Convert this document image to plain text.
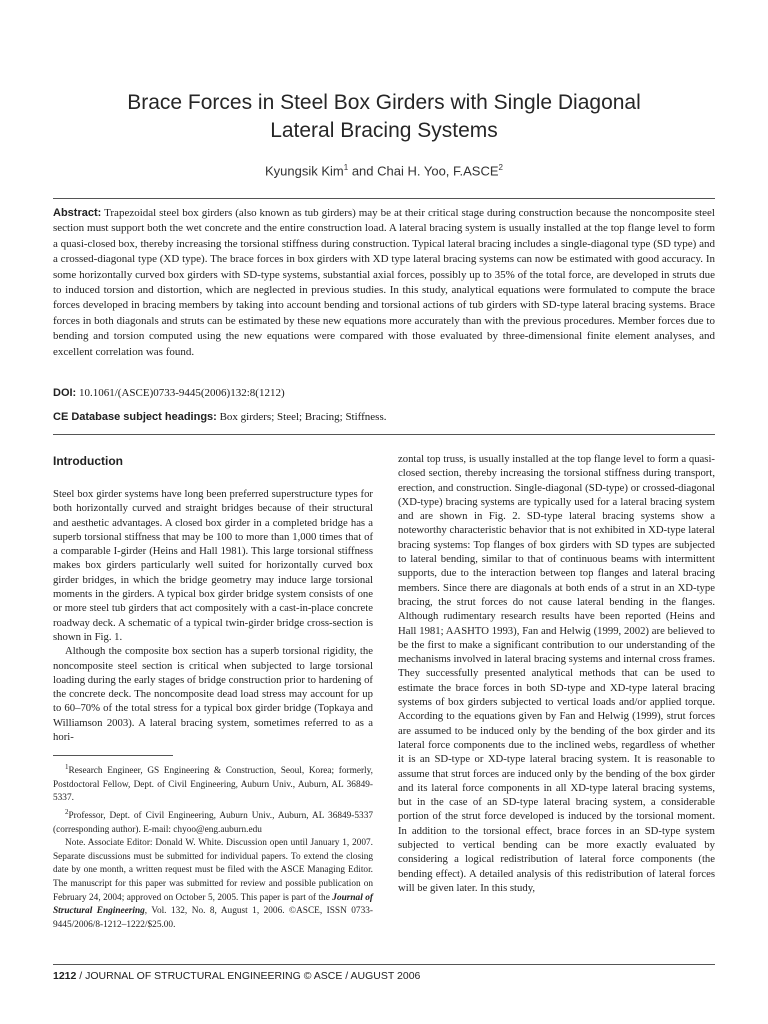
Brace Forces in Steel Box Girders with Single Diagonal
Lateral Bracing Systems
Kyungsik Kim$^1$ and Chai H. Yoo, F.ASCE$^2$
Abstract: Trapezoidal steel box girders (also known as tub girders) may be at their critical stage during construction because the noncomposite steel section must support both the wet concrete and the entire construction load. A lateral bracing system is usually installed at the top flange level to form a quasi-closed box, thereby increasing the torsional stiffness during construction. Typical lateral bracing includes a single-diagonal type (SD type) and a crossed-diagonal type (XD type). The brace forces in box girders with XD type lateral bracing systems can now be estimated with good accuracy. In some horizontally curved box girders with SD-type systems, substantial axial forces, possibly up to 35% of the total force, are developed in struts due to induced torsion and distortion, which are neglected in previous studies. In this study, analytical equations were formulated to compute the brace forces developed in bracing members by taking into account bending and torsional actions of tub girders with SD-type lateral bracing systems. Brace forces in both diagonals and struts can be estimated by these new equations more accurately than with the previous procedures. Member forces due to bending and torsion computed using the new equations were compared with those evaluated by three-dimensional finite element analyses, and excellent correlation was found.
DOI: 10.1061/(ASCE)0733-9445(2006)132:8(1212)
CE Database subject headings: Box girders; Steel; Bracing; Stiffness.
Introduction

Steel box girder systems have long been preferred superstructure types for both horizontally curved and straight bridges because of their structural and aesthetic advantages. A closed box girder in a completed bridge has a superb torsional stiffness that may be 100 to more than 1,000 times that of a comparable I-girder (Heins and Hall 1981). This large torsional stiffness makes box girders particularly well suited for horizontally curved box girder bridges, in which the bridge geometry may induce large torsional moments in the girders. A typical box girder bridge system consists of one or more steel tub girders that act compositely with a cast-in-place concrete roadway deck. A schematic of a typical twin-girder bridge cross-section is shown in Fig. 1.

Although the composite box section has a superb torsional rigidity, the noncomposite steel section is critical when subjected to large torsional loading during the early stages of bridge construction prior to hardening of the concrete deck. The noncomposite dead load stress may account for up to 60–70% of the total stress for a typical box girder bridge (Topkaya and Williamson 2003). A lateral bracing system, sometimes referred to as a hori-

$^1$Research Engineer, GS Engineering & Construction, Seoul, Korea; formerly, Postdoctoral Fellow, Dept. of Civil Engineering, Auburn Univ., Auburn, AL 36849-5337.

$^2$Professor, Dept. of Civil Engineering, Auburn Univ., Auburn, AL 36849-5337 (corresponding author). E-mail: chyoo@eng.auburn.edu

Note. Associate Editor: Donald W. White. Discussion open until January 1, 2007. Separate discussions must be submitted for individual papers. To extend the closing date by one month, a written request must be filed with the ASCE Managing Editor. The manuscript for this paper was submitted for review and possible publication on February 24, 2004; approved on October 5, 2005. This paper is part of the Journal of Structural Engineering, Vol. 132, No. 8, August 1, 2006. ©ASCE, ISSN 0733-9445/2006/8-1212–1222/$25.00.

zontal top truss, is usually installed at the top flange level to form a quasi-closed section, thereby increasing the torsional stiffness during transport, erection, and construction. Single-diagonal (SD-type) or crossed-diagonal (XD-type) bracing systems are typically used for a lateral bracing system and are shown in Fig. 2. SD-type lateral bracing systems show a noteworthy characteristic behavior that is not exhibited in XD-type lateral bracing systems: Top flanges of box girders with SD types are subjected to lateral bending, similar to that of continuous beams with intermittent supports, due to the interaction between top flanges and lateral bracing members. Since there are diagonals at both ends of a strut in an XD-type bracing, the strut forces do not cause lateral bending in the flanges. Although rudimentary research results have been reported (Heins and Hall 1981; AASHTO 1993), Fan and Helwig (1999, 2002) are believed to be the first to make a significant contribution to our understanding of the mechanisms involved in lateral bracing systems and internal cross frames. They successfully presented analytical methods that can be used to estimate the brace forces in both SD-type and XD-type lateral bracing systems of box girders subjected to vertical loads and/or applied torque. According to the equations given by Fan and Helwig (1999), strut forces are assumed to be induced only by the bending of the box girder and its lateral force components due to the inclined webs, regardless of whether it is an SD-type or XD-type lateral bracing system. It is reasonable to assume that strut forces are induced only by the bending of the box girder and its lateral force components in all XD-type lateral bracing systems, but in the case of an SD-type lateral bracing system, a considerable portion of the strut force developed is induced by the torsional moment. In addition to the torsional effect, brace forces in an SD-type system subjected to vertical bending can be more exactly evaluated by considering a logical redistribution of lateral force components (the bending effect). A detailed analysis of this redistribution of lateral forces will be given later. In this study,

1212 / JOURNAL OF STRUCTURAL ENGINEERING © ASCE / AUGUST 2006
